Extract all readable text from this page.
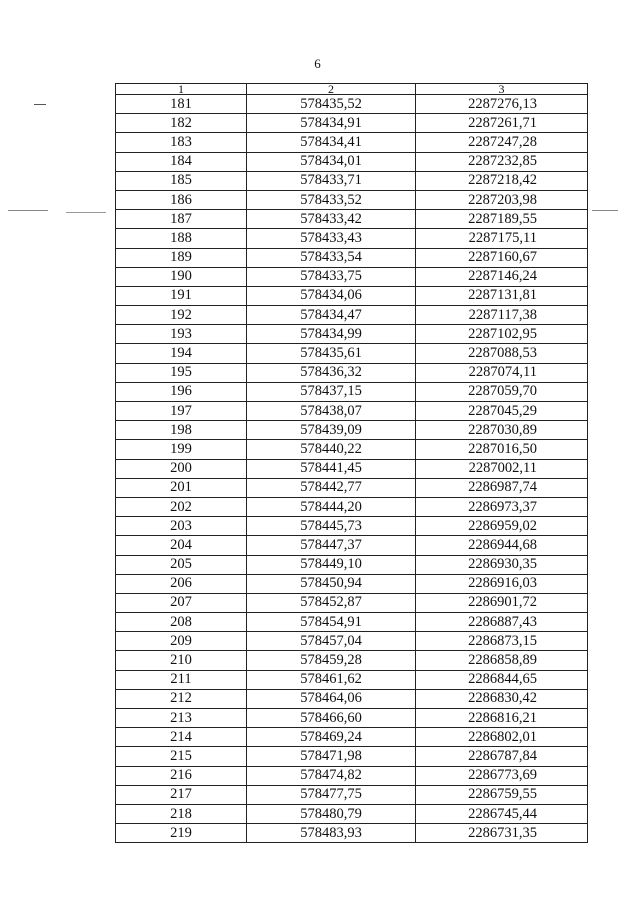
6
1	2	3
181	578435,52	2287276,13
182	578434,91	2287261,71
183	578434,41	2287247,28
184	578434,01	2287232,85
185	578433,71	2287218,42
186	578433,52	2287203,98
187	578433,42	2287189,55
188	578433,43	2287175,11
189	578433,54	2287160,67
190	578433,75	2287146,24
191	578434,06	2287131,81
192	578434,47	2287117,38
193	578434,99	2287102,95
194	578435,61	2287088,53
195	578436,32	2287074,11
196	578437,15	2287059,70
197	578438,07	2287045,29
198	578439,09	2287030,89
199	578440,22	2287016,50
200	578441,45	2287002,11
201	578442,77	2286987,74
202	578444,20	2286973,37
203	578445,73	2286959,02
204	578447,37	2286944,68
205	578449,10	2286930,35
206	578450,94	2286916,03
207	578452,87	2286901,72
208	578454,91	2286887,43
209	578457,04	2286873,15
210	578459,28	2286858,89
211	578461,62	2286844,65
212	578464,06	2286830,42
213	578466,60	2286816,21
214	578469,24	2286802,01
215	578471,98	2286787,84
216	578474,82	2286773,69
217	578477,75	2286759,55
218	578480,79	2286745,44
219	578483,93	2286731,35
